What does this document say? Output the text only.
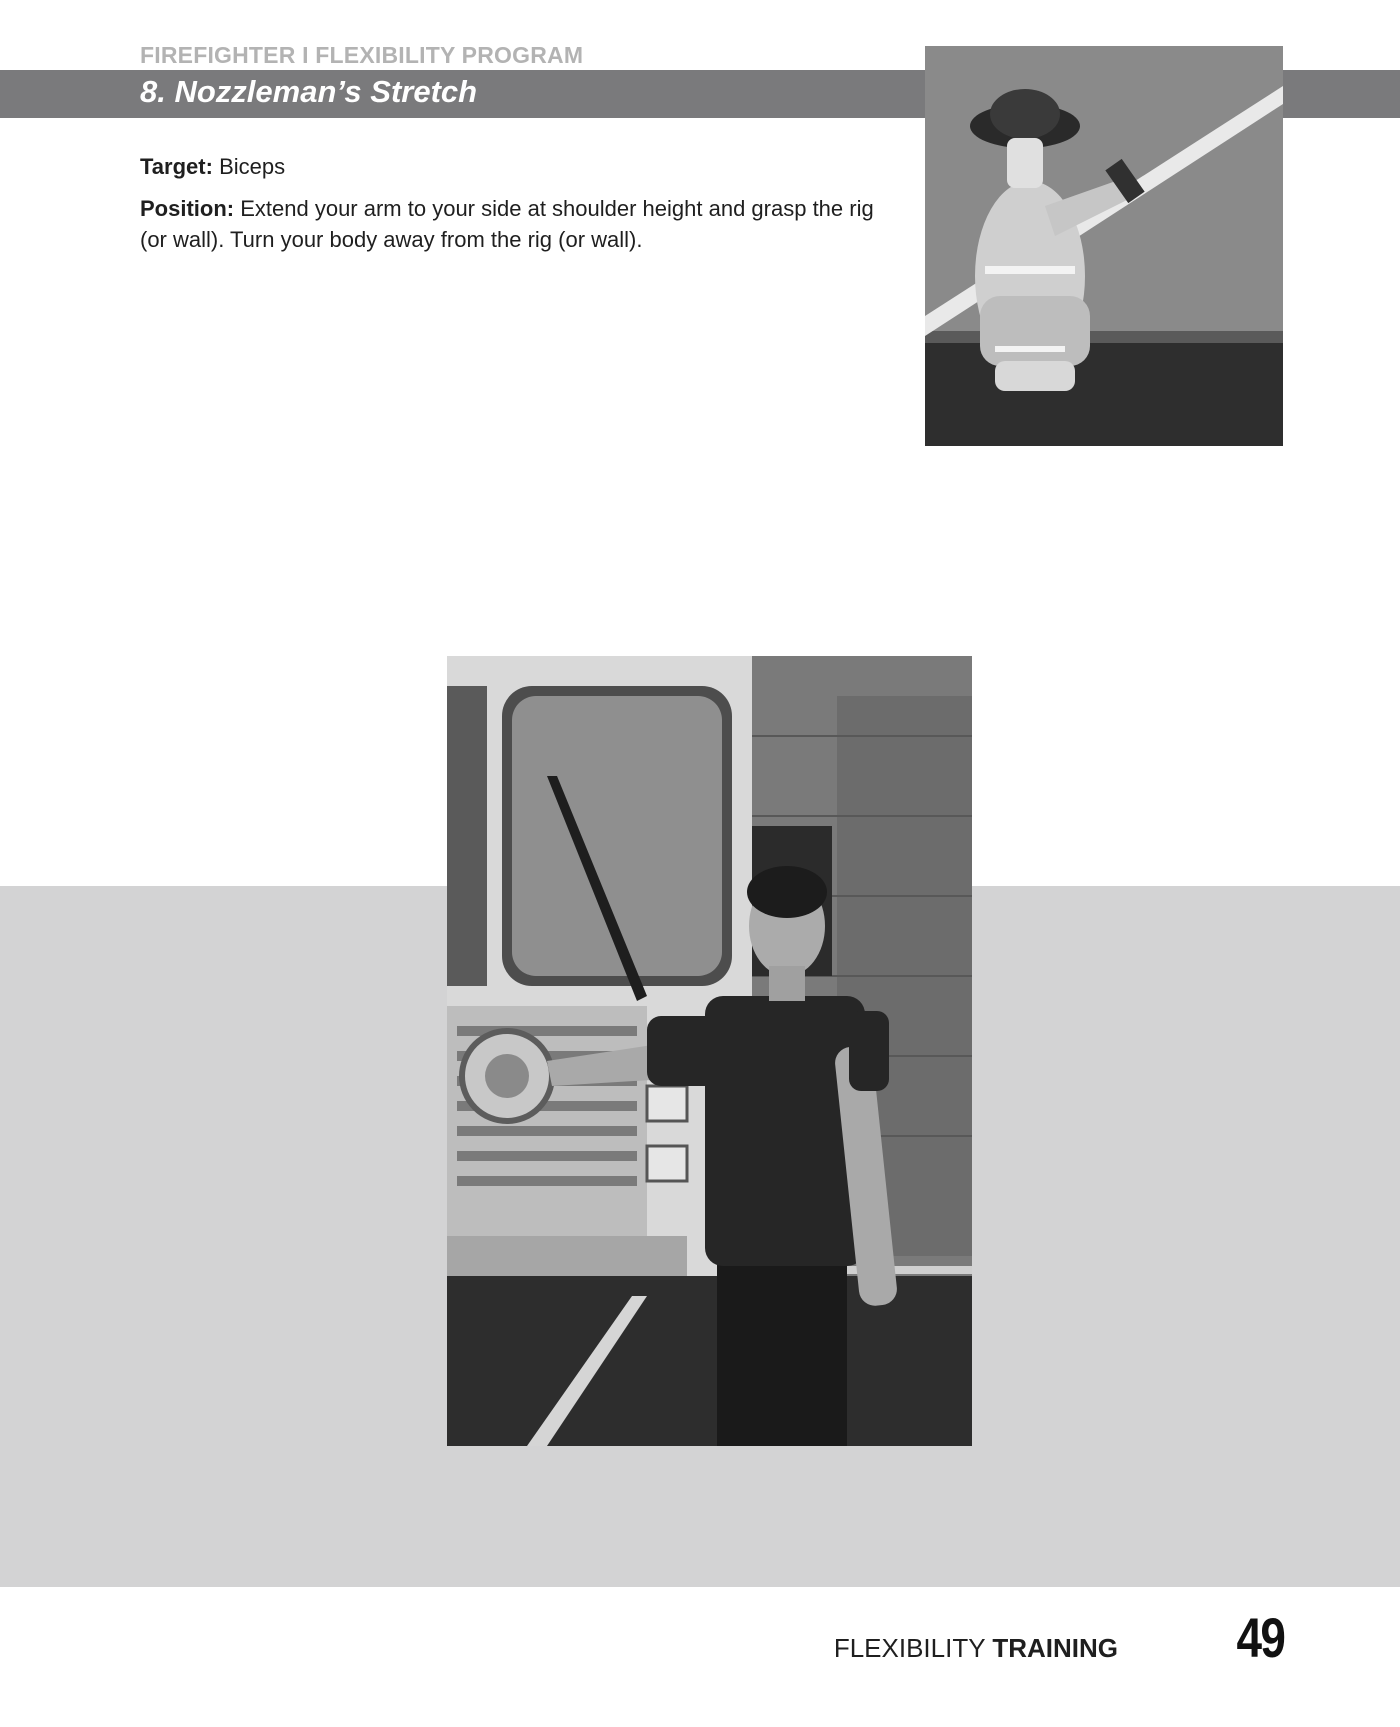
FIREFIGHTER I FLEXIBILITY PROGRAM
8. Nozzleman’s Stretch
Target: Biceps
Position: Extend your arm to your side at shoulder height and grasp the rig (or wall). Turn your body away from the rig (or wall).
FLEXIBILITY TRAINING 49
